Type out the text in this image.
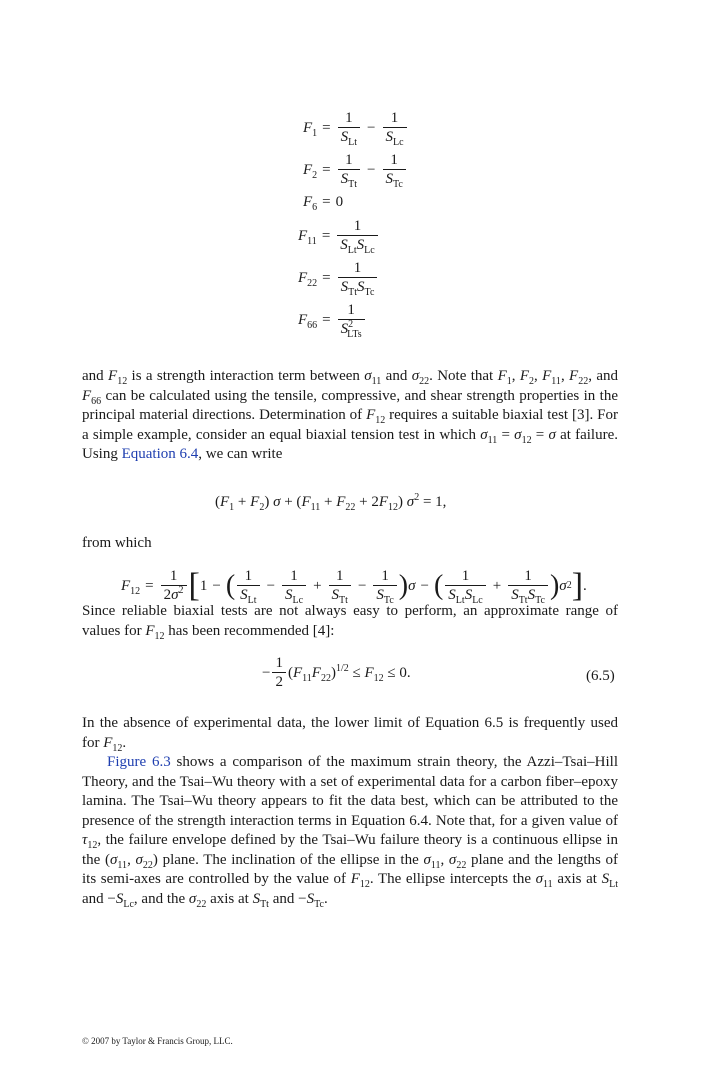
$F_1 = \frac{1}{S_{Lt}} - \frac{1}{S_{Lc}}$
$F_2 = \frac{1}{S_{Tt}} - \frac{1}{S_{Tc}}$
$F_6 = 0$
$F_{11} = \frac{1}{S_{Lt}S_{Lc}}$
$F_{22} = \frac{1}{S_{Tt}S_{Tc}}$
$F_{66} = \frac{1}{S^2_{LTs}}$

and $F_{12}$ is a strength interaction term between $\sigma_{11}$ and $\sigma_{22}$. Note that $F_1$, $F_2$, $F_{11}$, $F_{22}$, and $F_{66}$ can be calculated using the tensile, compressive, and shear strength properties in the principal material directions. Determination of $F_{12}$ requires a suitable biaxial test [3]. For a simple example, consider an equal biaxial tension test in which $\sigma_{11} = \sigma_{12} = \sigma$ at failure. Using Equation 6.4, we can write

$(F_1 + F_2) \sigma + (F_{11} + F_{22} + 2F_{12}) \sigma^2 = 1$,

from which

$F_{12} = \frac{1}{2\sigma^2}$ [ 1 − ( $\frac{1}{S_{Lt}} - \frac{1}{S_{Lc}} + \frac{1}{S_{Tt}} - \frac{1}{S_{Tc}}$ ) σ − ( $\frac{1}{S_{Lt}S_{Lc}} + \frac{1}{S_{Tt}S_{Tc}}$ ) σ 2 ] .

Since reliable biaxial tests are not always easy to perform, an approximate range of values for $F_{12}$ has been recommended [4]:

− $\frac{1}{2} (F_{11}F_{22})^{1/2} \le F_{12} \le 0$.	(6.5)

In the absence of experimental data, the lower limit of Equation 6.5 is frequently used for $F_{12}$.

Figure 6.3 shows a comparison of the maximum strain theory, the Azzi–Tsai–Hill Theory, and the Tsai–Wu theory with a set of experimental data for a carbon fiber–epoxy lamina. The Tsai–Wu theory appears to fit the data best, which can be attributed to the presence of the strength interaction terms in Equation 6.4. Note that, for a given value of $\tau_{12}$, the failure envelope defined by the Tsai–Wu failure theory is a continuous ellipse in the ($\sigma_{11}$, $\sigma_{22}$) plane. The inclination of the ellipse in the $\sigma_{11}$, $\sigma_{22}$ plane and the lengths of its semi-axes are controlled by the value of $F_{12}$. The ellipse intercepts the $\sigma_{11}$ axis at $S_{Lt}$ and $-S_{Lc}$, and the $\sigma_{22}$ axis at $S_{Tt}$ and $-S_{Tc}$.

© 2007 by Taylor & Francis Group, LLC.
